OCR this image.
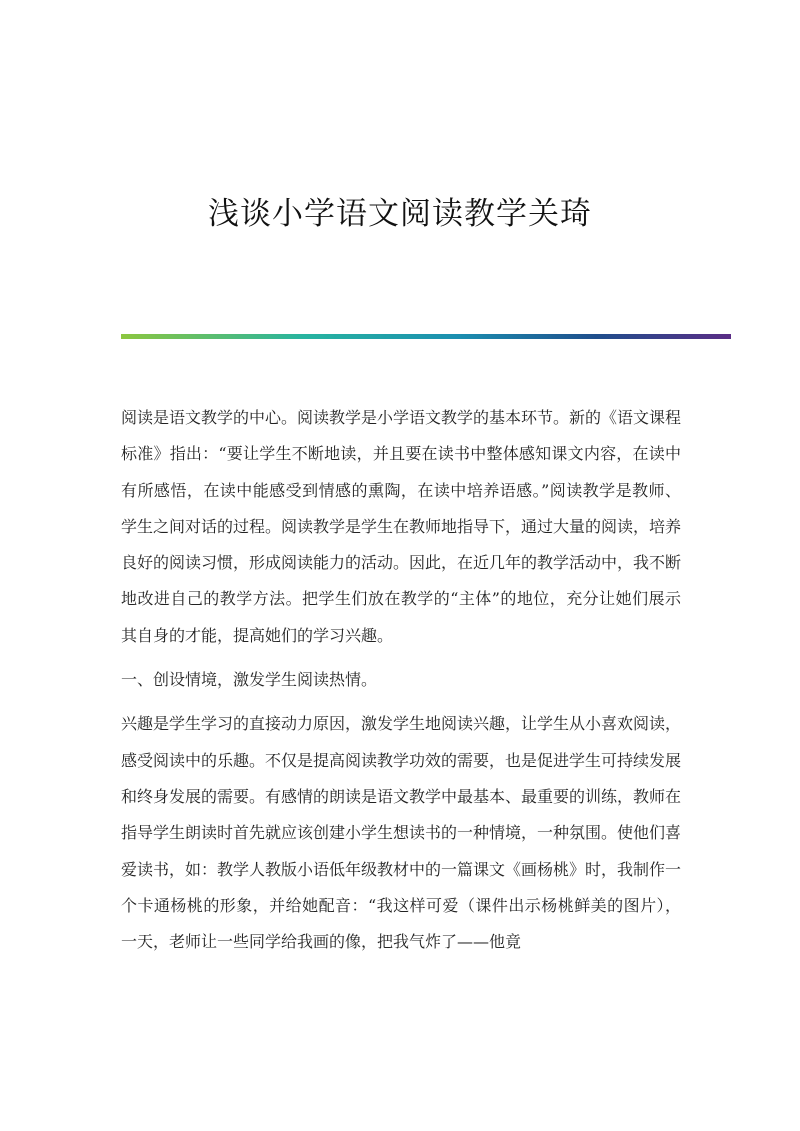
浅谈小学语文阅读教学关琦

阅读是语文教学的中心。阅读教学是小学语文教学的基本环节。新的《语文课程标准》指出：“要让学生不断地读，并且要在读书中整体感知课文内容，在读中有所感悟，在读中能感受到情感的熏陶，在读中培养语感。”阅读教学是教师、学生之间对话的过程。阅读教学是学生在教师地指导下，通过大量的阅读，培养良好的阅读习惯，形成阅读能力的活动。因此，在近几年的教学活动中，我不断地改进自己的教学方法。把学生们放在教学的“主体”的地位，充分让她们展示其自身的才能，提高她们的学习兴趣。

一、创设情境，激发学生阅读热情。

兴趣是学生学习的直接动力原因，激发学生地阅读兴趣，让学生从小喜欢阅读，感受阅读中的乐趣。不仅是提高阅读教学功效的需要，也是促进学生可持续发展和终身发展的需要。有感情的朗读是语文教学中最基本、最重要的训练，教师在指导学生朗读时首先就应该创建小学生想读书的一种情境，一种氛围。使他们喜爱读书，如：教学人教版小语低年级教材中的一篇课文《画杨桃》时，我制作一个卡通杨桃的形象，并给她配音：“我这样可爱（课件出示杨桃鲜美的图片），一天，老师让一些同学给我画的像，把我气炸了——他竟
